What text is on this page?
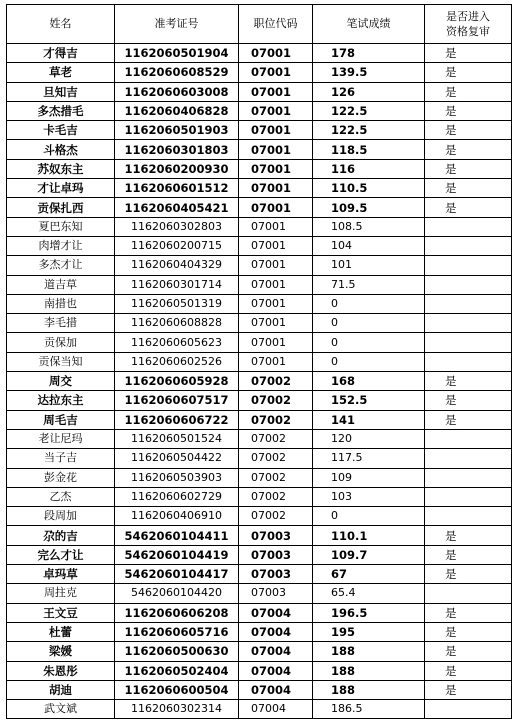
姓名	准考证号	职位代码	笔试成绩	是否进入
资格复审

才得吉	1162060501904	07001	178	是
草老	1162060608529	07001	139.5	是
旦知吉	1162060603008	07001	126	是
多杰措毛	1162060406828	07001	122.5	是
卡毛吉	1162060501903	07001	122.5	是
斗格杰	1162060301803	07001	118.5	是
苏奴东主	1162060200930	07001	116	是
才让卓玛	1162060601512	07001	110.5	是
贡保扎西	1162060405421	07001	109.5	是
夏巴东知	1162060302803	07001	108.5	
肉增才让	1162060200715	07001	104	
多杰才让	1162060404329	07001	101	
道吉草	1162060301714	07001	71.5	
南措也	1162060501319	07001	0	
李毛措	1162060608828	07001	0	
贡保加	1162060605623	07001	0	
贡保当知	1162060602526	07001	0	
周交	1162060605928	07002	168	是
达拉东主	1162060607517	07002	152.5	是
周毛吉	1162060606722	07002	141	是
老让尼玛	1162060501524	07002	120	
当子吉	1162060504422	07002	117.5	
彭金花	1162060503903	07002	109	
乙杰	1162060602729	07002	103	
段周加	1162060406910	07002	0	
尕的吉	5462060104411	07003	110.1	是
完么才让	5462060104419	07003	109.7	是
卓玛草	5462060104417	07003	67	是
周拄克	5462060104420	07003	65.4	
王文豆	1162060606208	07004	196.5	是
杜蕾	1162060605716	07004	195	是
梁媛	1162060500630	07004	188	是
朱恩彤	1162060502404	07004	188	是
胡迪	1162060600504	07004	188	是
武文斌	1162060302314	07004	186.5	
